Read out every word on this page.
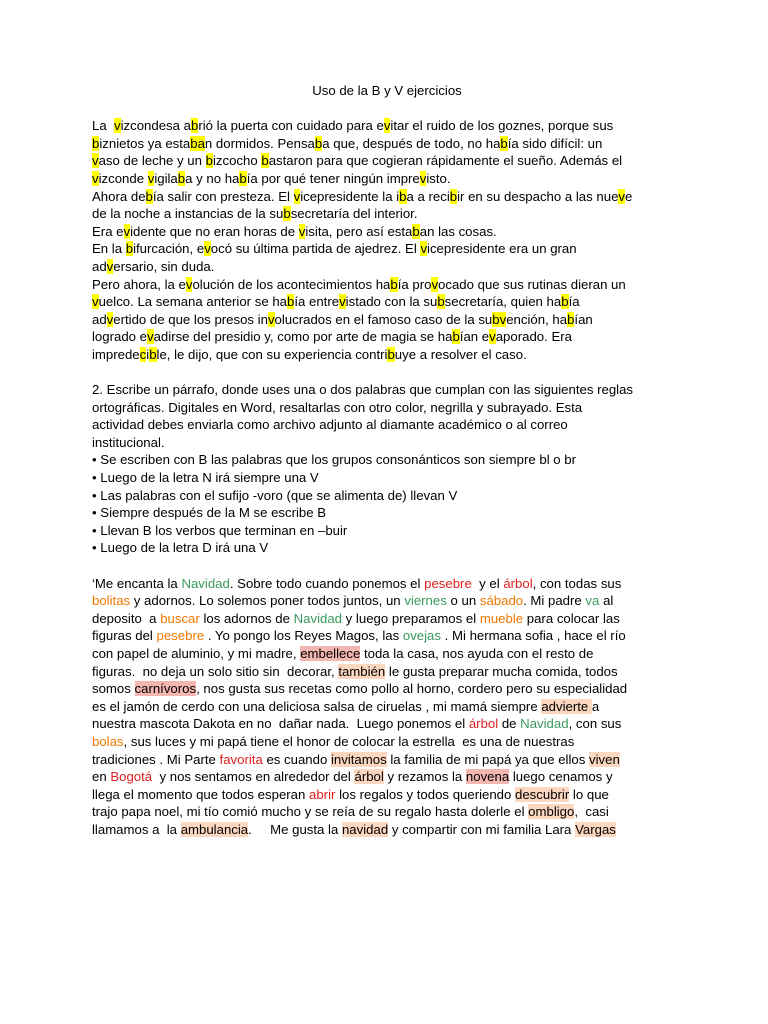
Uso de la B y V ejercicios
La  vizcondesa abrió la puerta con cuidado para evitar el ruido de los goznes, porque sus
biznietos ya estaban dormidos. Pensaba que, después de todo, no había sido difícil: un
vaso de leche y un bizcocho bastaron para que cogieran rápidamente el sueño. Además el
vizconde vigilaba y no había por qué tener ningún imprevisto.
Ahora debía salir con presteza. El vicepresidente la iba a recibir en su despacho a las nueve
de la noche a instancias de la subsecretaría del interior.
Era evidente que no eran horas de visita, pero así estaban las cosas.
En la bifurcación, evocó su última partida de ajedrez. El vicepresidente era un gran
adversario, sin duda.
Pero ahora, la evolución de los acontecimientos había provocado que sus rutinas dieran un
vuelco. La semana anterior se había entrevistado con la subsecretaría, quien había
advertido de que los presos involucrados en el famoso caso de la subvención, habían
logrado evadirse del presidio y, como por arte de magia se habían evaporado. Era
impredecible, le dijo, que con su experiencia contribuye a resolver el caso.
2. Escribe un párrafo, donde uses una o dos palabras que cumplan con las siguientes reglas
ortográficas. Digitales en Word, resaltarlas con otro color, negrilla y subrayado. Esta
actividad debes enviarla como archivo adjunto al diamante académico o al correo
institucional.
• Se escriben con B las palabras que los grupos consonánticos son siempre bl o br
• Luego de la letra N irá siempre una V
• Las palabras con el sufijo -voro (que se alimenta de) llevan V
• Siempre después de la M se escribe B
• Llevan B los verbos que terminan en –buir
• Luego de la letra D irá una V
‘Me encanta la Navidad. Sobre todo cuando ponemos el pesebre  y el árbol, con todas sus
bolitas y adornos. Lo solemos poner todos juntos, un viernes o un sábado. Mi padre va al
deposito  a buscar los adornos de Navidad y luego preparamos el mueble para colocar las
figuras del pesebre . Yo pongo los Reyes Magos, las ovejas . Mi hermana sofia , hace el río
con papel de aluminio, y mi madre, embellece toda la casa, nos ayuda con el resto de
figuras.  no deja un solo sitio sin  decorar, también le gusta preparar mucha comida, todos
somos carnívoros, nos gusta sus recetas como pollo al horno, cordero pero su especialidad
es el jamón de cerdo con una deliciosa salsa de ciruelas , mi mamá siempre advierte a
nuestra mascota Dakota en no  dañar nada.  Luego ponemos el árbol de Navidad, con sus
bolas, sus luces y mi papá tiene el honor de colocar la estrella  es una de nuestras
tradiciones . Mi Parte favorita es cuando invitamos la familia de mi papá ya que ellos viven
en Bogotá  y nos sentamos en alrededor del árbol y rezamos la novena luego cenamos y
llega el momento que todos esperan abrir los regalos y todos queriendo descubrir lo que
trajo papa noel, mi tío comió mucho y se reía de su regalo hasta dolerle el ombligo,  casi
llamamos a  la ambulancia.     Me gusta la navidad y compartir con mi familia Lara Vargas
